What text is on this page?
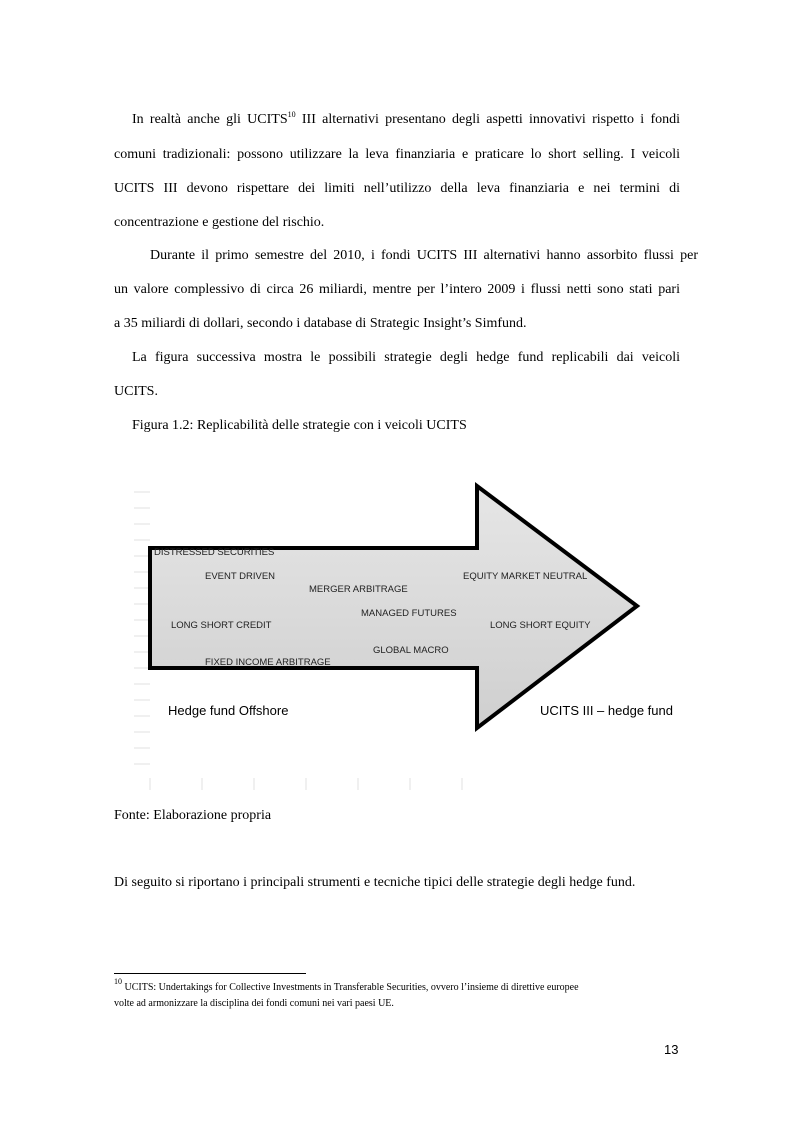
In realtà anche gli UCITS$^{10}$ III alternativi presentano degli aspetti innovativi rispetto i fondi
comuni tradizionali: possono utilizzare la leva finanziaria e praticare lo short selling. I veicoli
UCITS III devono rispettare dei limiti nell’utilizzo della leva finanziaria e nei termini di
concentrazione e gestione del rischio.
Durante il primo semestre del 2010, i fondi UCITS III alternativi hanno assorbito flussi per
un valore complessivo di circa 26 miliardi, mentre per l’intero 2009 i flussi netti sono stati pari
a 35 miliardi di dollari, secondo i database di Strategic Insight’s Simfund.
La figura successiva mostra le possibili strategie degli hedge fund replicabili dai veicoli
UCITS.
Figura 1.2: Replicabilità delle strategie con i veicoli UCITS
DISTRESSED SECURITIES
EVENT DRIVEN
MERGER ARBITRAGE
EQUITY MARKET NEUTRAL
MANAGED FUTURES
LONG SHORT CREDIT	LONG SHORT EQUITY
GLOBAL MACRO
FIXED INCOME ARBITRAGE
Hedge fund Offshore	UCITS III – hedge fund
Fonte: Elaborazione propria
Di seguito si riportano i principali strumenti e tecniche tipici delle strategie degli hedge fund.
$^{10}$ UCITS: Undertakings for Collective Investments in Transferable Securities, ovvero l’insieme di direttive europee
volte ad armonizzare la disciplina dei fondi comuni nei vari paesi UE.
13
